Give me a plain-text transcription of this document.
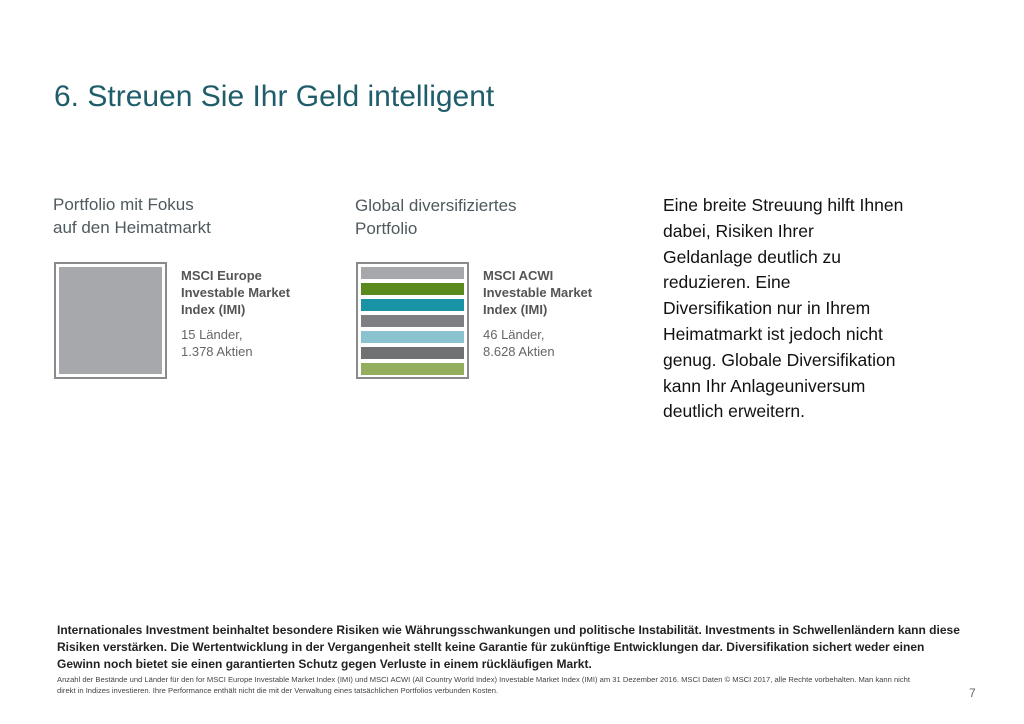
6. Streuen Sie Ihr Geld intelligent
Portfolio mit Fokus
auf den Heimatmarkt
MSCI Europe
Investable Market
Index (IMI)
15 Länder,
1.378 Aktien
Global diversifiziertes
Portfolio
MSCI ACWI
Investable Market
Index (IMI)
46 Länder,
8.628 Aktien
Eine breite Streuung hilft Ihnen
dabei, Risiken Ihrer
Geldanlage deutlich zu
reduzieren. Eine
Diversifikation nur in Ihrem
Heimatmarkt ist jedoch nicht
genug. Globale Diversifikation
kann Ihr Anlageuniversum
deutlich erweitern.
Internationales Investment beinhaltet besondere Risiken wie Währungsschwankungen und politische Instabilität. Investments in Schwellenländern kann diese
Risiken verstärken. Die Wertentwicklung in der Vergangenheit stellt keine Garantie für zukünftige Entwicklungen dar. Diversifikation sichert weder einen
Gewinn noch bietet sie einen garantierten Schutz gegen Verluste in einem rückläufigen Markt.
Anzahl der Bestände und Länder für den for MSCI Europe Investable Market Index (IMI) und MSCI ACWI (All Country World Index) Investable Market Index (IMI) am 31 Dezember 2016. MSCI Daten © MSCI 2017, alle Rechte vorbehalten. Man kann nicht
direkt in Indizes investieren. Ihre Performance enthält nicht die mit der Verwaltung eines tatsächlichen Portfolios verbunden Kosten.	7
